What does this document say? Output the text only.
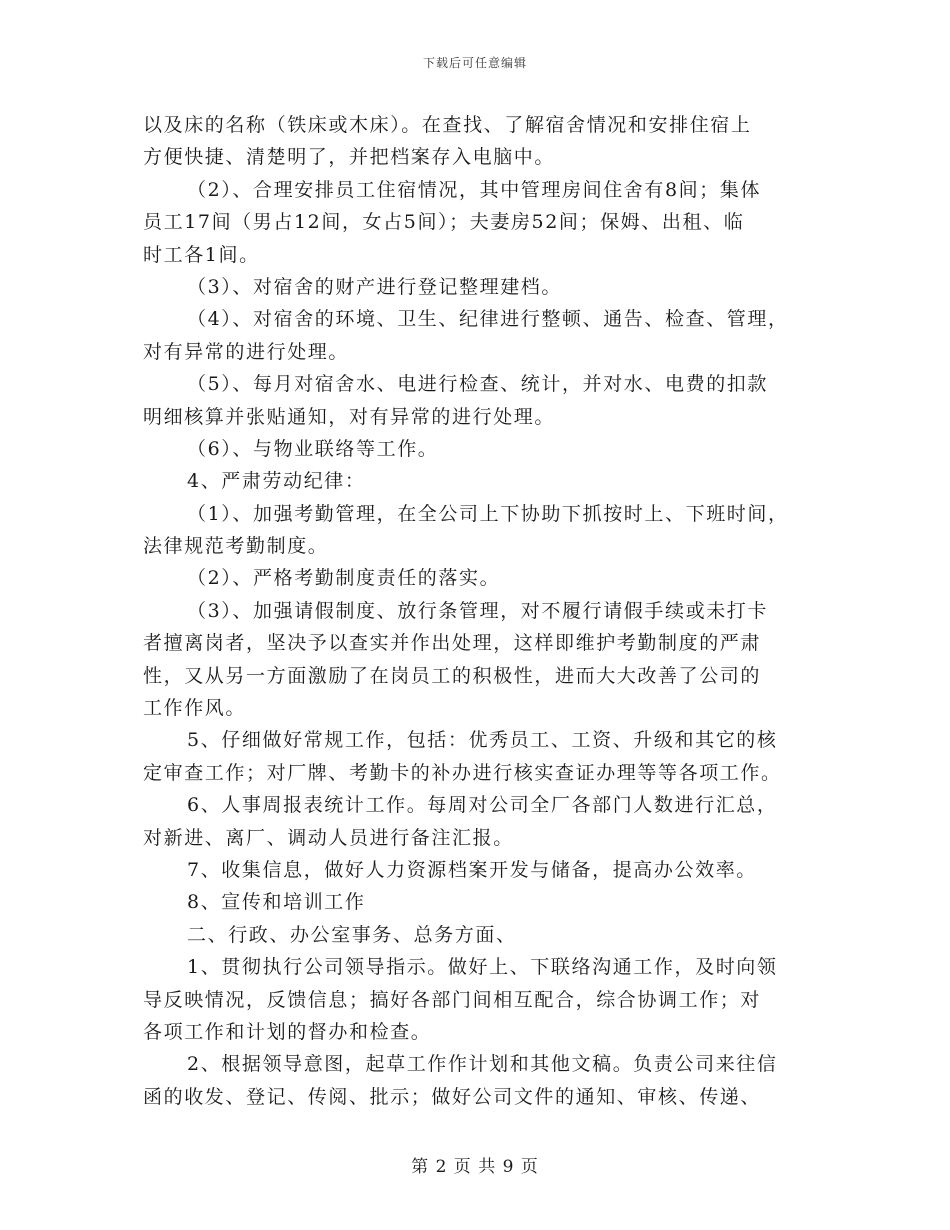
下载后可任意编辑
以及床的名称（铁床或木床）。在查找、了解宿舍情况和安排住宿上
方便快捷、清楚明了，并把档案存入电脑中。
（2）、合理安排员工住宿情况，其中管理房间住舍有8间；集体
员工17间（男占12间，女占5间）；夫妻房52间；保姆、出租、临
时工各1间。
（3）、对宿舍的财产进行登记整理建档。
（4）、对宿舍的环境、卫生、纪律进行整顿、通告、检查、管理，
对有异常的进行处理。
（5）、每月对宿舍水、电进行检查、统计，并对水、电费的扣款
明细核算并张贴通知，对有异常的进行处理。
（6）、与物业联络等工作。
4、严肃劳动纪律：
（1）、加强考勤管理，在全公司上下协助下抓按时上、下班时间，
法律规范考勤制度。
（2）、严格考勤制度责任的落实。
（3）、加强请假制度、放行条管理，对不履行请假手续或未打卡
者擅离岗者，坚决予以查实并作出处理，这样即维护考勤制度的严肃
性，又从另一方面激励了在岗员工的积极性，进而大大改善了公司的
工作作风。
5、仔细做好常规工作，包括：优秀员工、工资、升级和其它的核
定审查工作；对厂牌、考勤卡的补办进行核实查证办理等等各项工作。
6、人事周报表统计工作。每周对公司全厂各部门人数进行汇总，
对新进、离厂、调动人员进行备注汇报。
7、收集信息，做好人力资源档案开发与储备，提高办公效率。
8、宣传和培训工作
二、行政、办公室事务、总务方面、
1、贯彻执行公司领导指示。做好上、下联络沟通工作，及时向领
导反映情况，反馈信息；搞好各部门间相互配合，综合协调工作；对
各项工作和计划的督办和检查。
2、根据领导意图，起草工作作计划和其他文稿。负责公司来往信
函的收发、登记、传阅、批示；做好公司文件的通知、审核、传递、
第 2 页 共 9 页
